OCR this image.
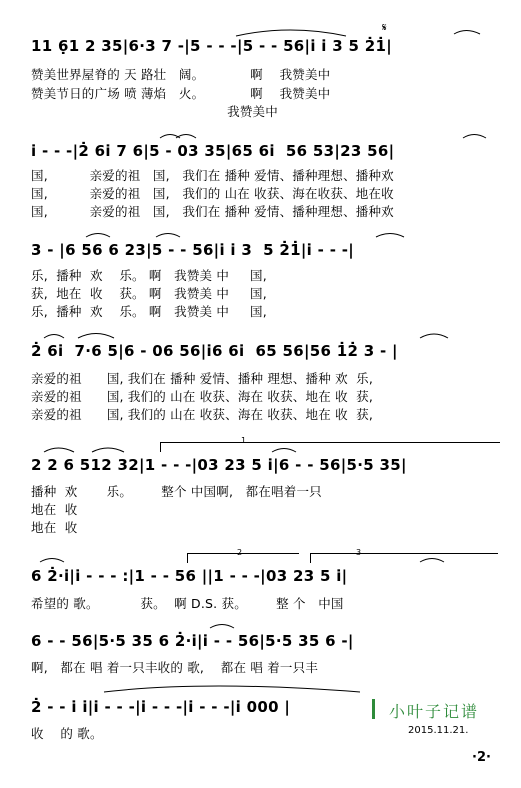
11 6̣1 2 35|6·3 7 -|5 - - -|5 - - 56|i̇ i̇ 3 5 2̇1̇|
赞美世界屋脊的 天 路壮   阔。           啊    我赞美中
赞美节日的广场 喷 薄焰   火。           啊    我赞美中
我赞美中
i̇ - - -|2̇ 6i̇ 7 6|5 - 03 35|65 6i̇  56 53|23 56|
国,          亲爱的祖   国,   我们在 播种 爱情、播种理想、播种欢
国,          亲爱的祖   国,   我们的 山在 收获、海在收获、地在收
国,          亲爱的祖   国,   我们在 播种 爱情、播种理想、播种欢
3 - |6 56 6 23|5 - - 56|i̇ i̇ 3  5 2̇1̇|i̇ - - -|
乐,  播种  欢    乐。 啊   我赞美 中     国,
获,  地在  收    获。 啊   我赞美 中     国,
乐,  播种  欢    乐。 啊   我赞美 中     国,
2̇ 6i̇  7·6 5|6 - 06 56|i̇6 6i̇  65 56|56 1̇2̇ 3 - |
亲爱的祖      国, 我们在 播种 爱情、播种 理想、播种 欢  乐,
亲爱的祖      国, 我们的 山在 收获、海在 收获、地在 收  获,
亲爱的祖      国, 我们的 山在 收获、海在 收获、地在 收  获,
2 2 6 512 32|1 - - -|03 23 5 i̇|6 - - 56|5·5 35|
播种  欢       乐。       整个 中国啊,   都在唱着一只
地在  收
地在  收
6 2̇·i̇|i̇ - - - :|1 - - 56 ||1 - - -|03 23 5 i̇|
希望的 歌。          获。  啊 D.S. 获。       整 个   中国
6 - - 56|5·5 35 6 2̇·i̇|i̇ - - 56|5·5 35 6 -|
啊,   都在 唱 着一只丰收的 歌,    都在 唱 着一只丰
2̇ - - i̇ i̇|i̇ - - -|i̇ - - -|i̇ - - -|i̇ 000 |
收    的 歌。
𝄋
1
2	3
小叶子记谱
2015.11.21.
·2·
